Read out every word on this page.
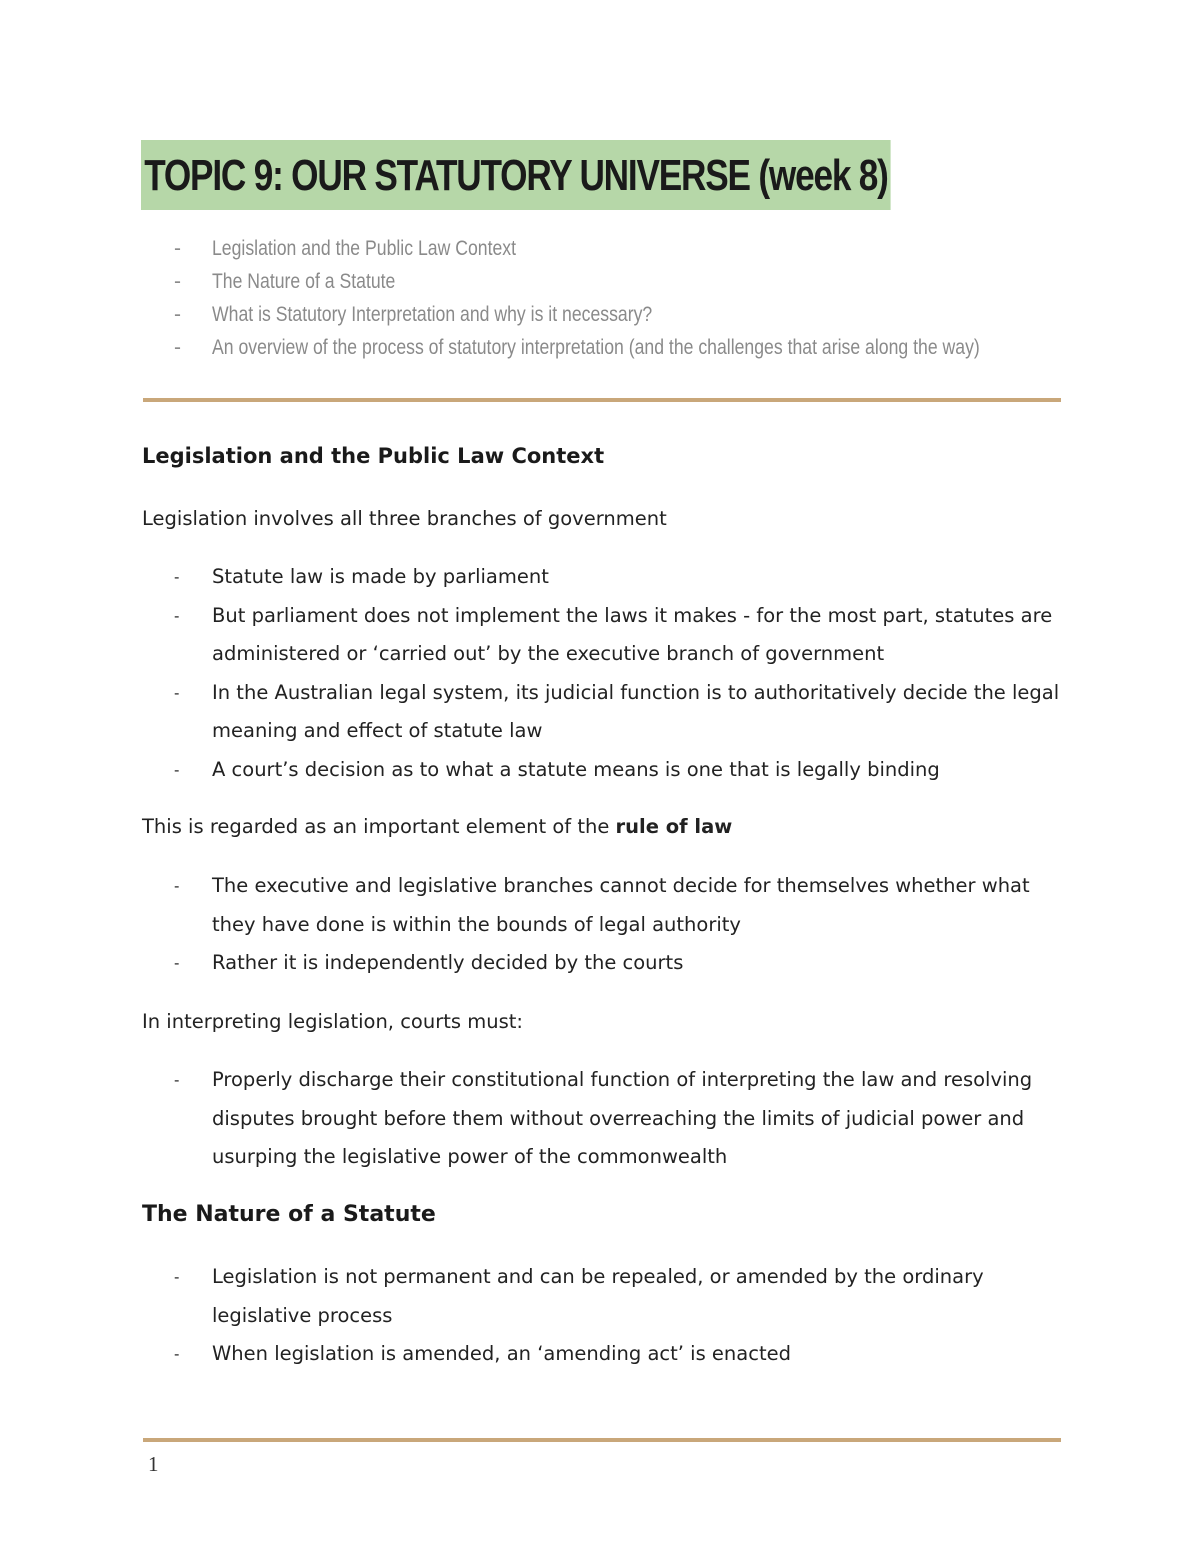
TOPIC 9: OUR STATUTORY UNIVERSE (week 8)
-	Legislation and the Public Law Context
-	The Nature of a Statute
-	What is Statutory Interpretation and why is it necessary?
-	An overview of the process of statutory interpretation (and the challenges that arise along the way)
Legislation and the Public Law Context
Legislation involves all three branches of government
- Statute law is made by parliament
- But parliament does not implement the laws it makes - for the most part, statutes are administered or ‘carried out’ by the executive branch of government
- In the Australian legal system, its judicial function is to authoritatively decide the legal meaning and effect of statute law
- A court’s decision as to what a statute means is one that is legally binding
This is regarded as an important element of the rule of law
- The executive and legislative branches cannot decide for themselves whether what they have done is within the bounds of legal authority
- Rather it is independently decided by the courts
In interpreting legislation, courts must:
- Properly discharge their constitutional function of interpreting the law and resolving disputes brought before them without overreaching the limits of judicial power and usurping the legislative power of the commonwealth
The Nature of a Statute
- Legislation is not permanent and can be repealed, or amended by the ordinary legislative process
- When legislation is amended, an ‘amending act’ is enacted
1
